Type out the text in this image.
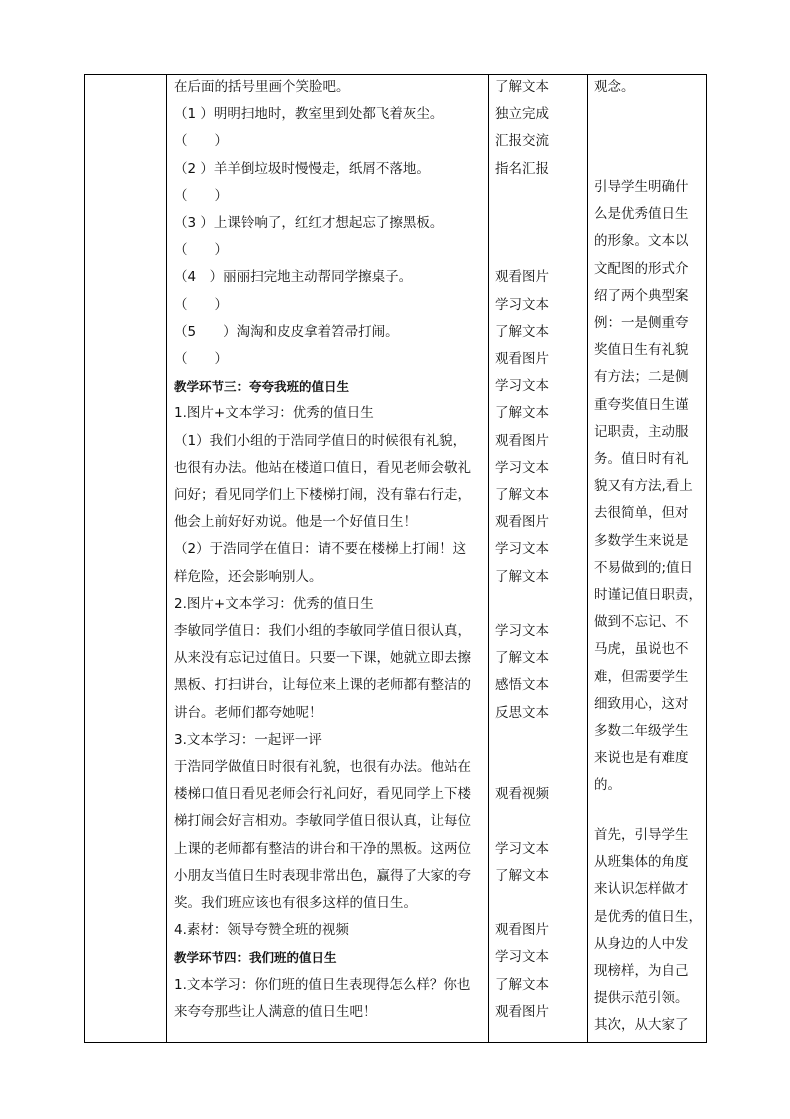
在后面的括号里画个笑脸吧。
（1 ）明明扫地时，教室里到处都飞着灰尘。
（　　）
（2 ）羊羊倒垃圾时慢慢走，纸屑不落地。
（　　）
（3 ）上课铃响了，红红才想起忘了擦黑板。
（　　）
（4　）丽丽扫完地主动帮同学擦桌子。
（　　）
（5　　）淘淘和皮皮拿着笤帚打闹。
（　　）
教学环节三：夸夸我班的值日生
1.图片+文本学习：优秀的值日生
（1）我们小组的于浩同学值日的时候很有礼貌，
也很有办法。他站在楼道口值日，看见老师会敬礼
问好；看见同学们上下楼梯打闹，没有靠右行走，
他会上前好好劝说。他是一个好值日生！
（2）于浩同学在值日：请不要在楼梯上打闹！这
样危险，还会影响别人。
2.图片+文本学习：优秀的值日生
李敏同学值日：我们小组的李敏同学值日很认真，
从来没有忘记过值日。只要一下课，她就立即去擦
黑板、打扫讲台，让每位来上课的老师都有整洁的
讲台。老师们都夸她呢！
3.文本学习：一起评一评
于浩同学做值日时很有礼貌，也很有办法。他站在
楼梯口值日看见老师会行礼问好，看见同学上下楼
梯打闹会好言相劝。李敏同学值日很认真，让每位
上课的老师都有整洁的讲台和干净的黑板。这两位
小朋友当值日生时表现非常出色，赢得了大家的夸
奖。我们班应该也有很多这样的值日生。
4.素材：领导夸赞全班的视频
教学环节四：我们班的值日生
1.文本学习：你们班的值日生表现得怎么样？你也
来夸夸那些让人满意的值日生吧！
了解文本
独立完成
汇报交流
指名汇报
观看图片
学习文本
了解文本
观看图片
学习文本
了解文本
观看图片
学习文本
了解文本
观看图片
学习文本
了解文本
学习文本
了解文本
感悟文本
反思文本
观看视频
学习文本
了解文本
观看图片
学习文本
了解文本
观看图片
观念。
引导学生明确什
么是优秀值日生
的形象。文本以
文配图的形式介
绍了两个典型案
例：一是侧重夸
奖值日生有礼貌
有方法；二是侧
重夸奖值日生谨
记职责，主动服
务。值日时有礼
貌又有方法,看上
去很简单，但对
多数学生来说是
不易做到的;值日
时谨记值日职责，
做到不忘记、不
马虎，虽说也不
难，但需要学生
细致用心，这对
多数二年级学生
来说也是有难度
的。
首先，引导学生
从班集体的角度
来认识怎样做才
是优秀的值日生，
从身边的人中发
现榜样，为自己
提供示范引领。
其次，从大家了
